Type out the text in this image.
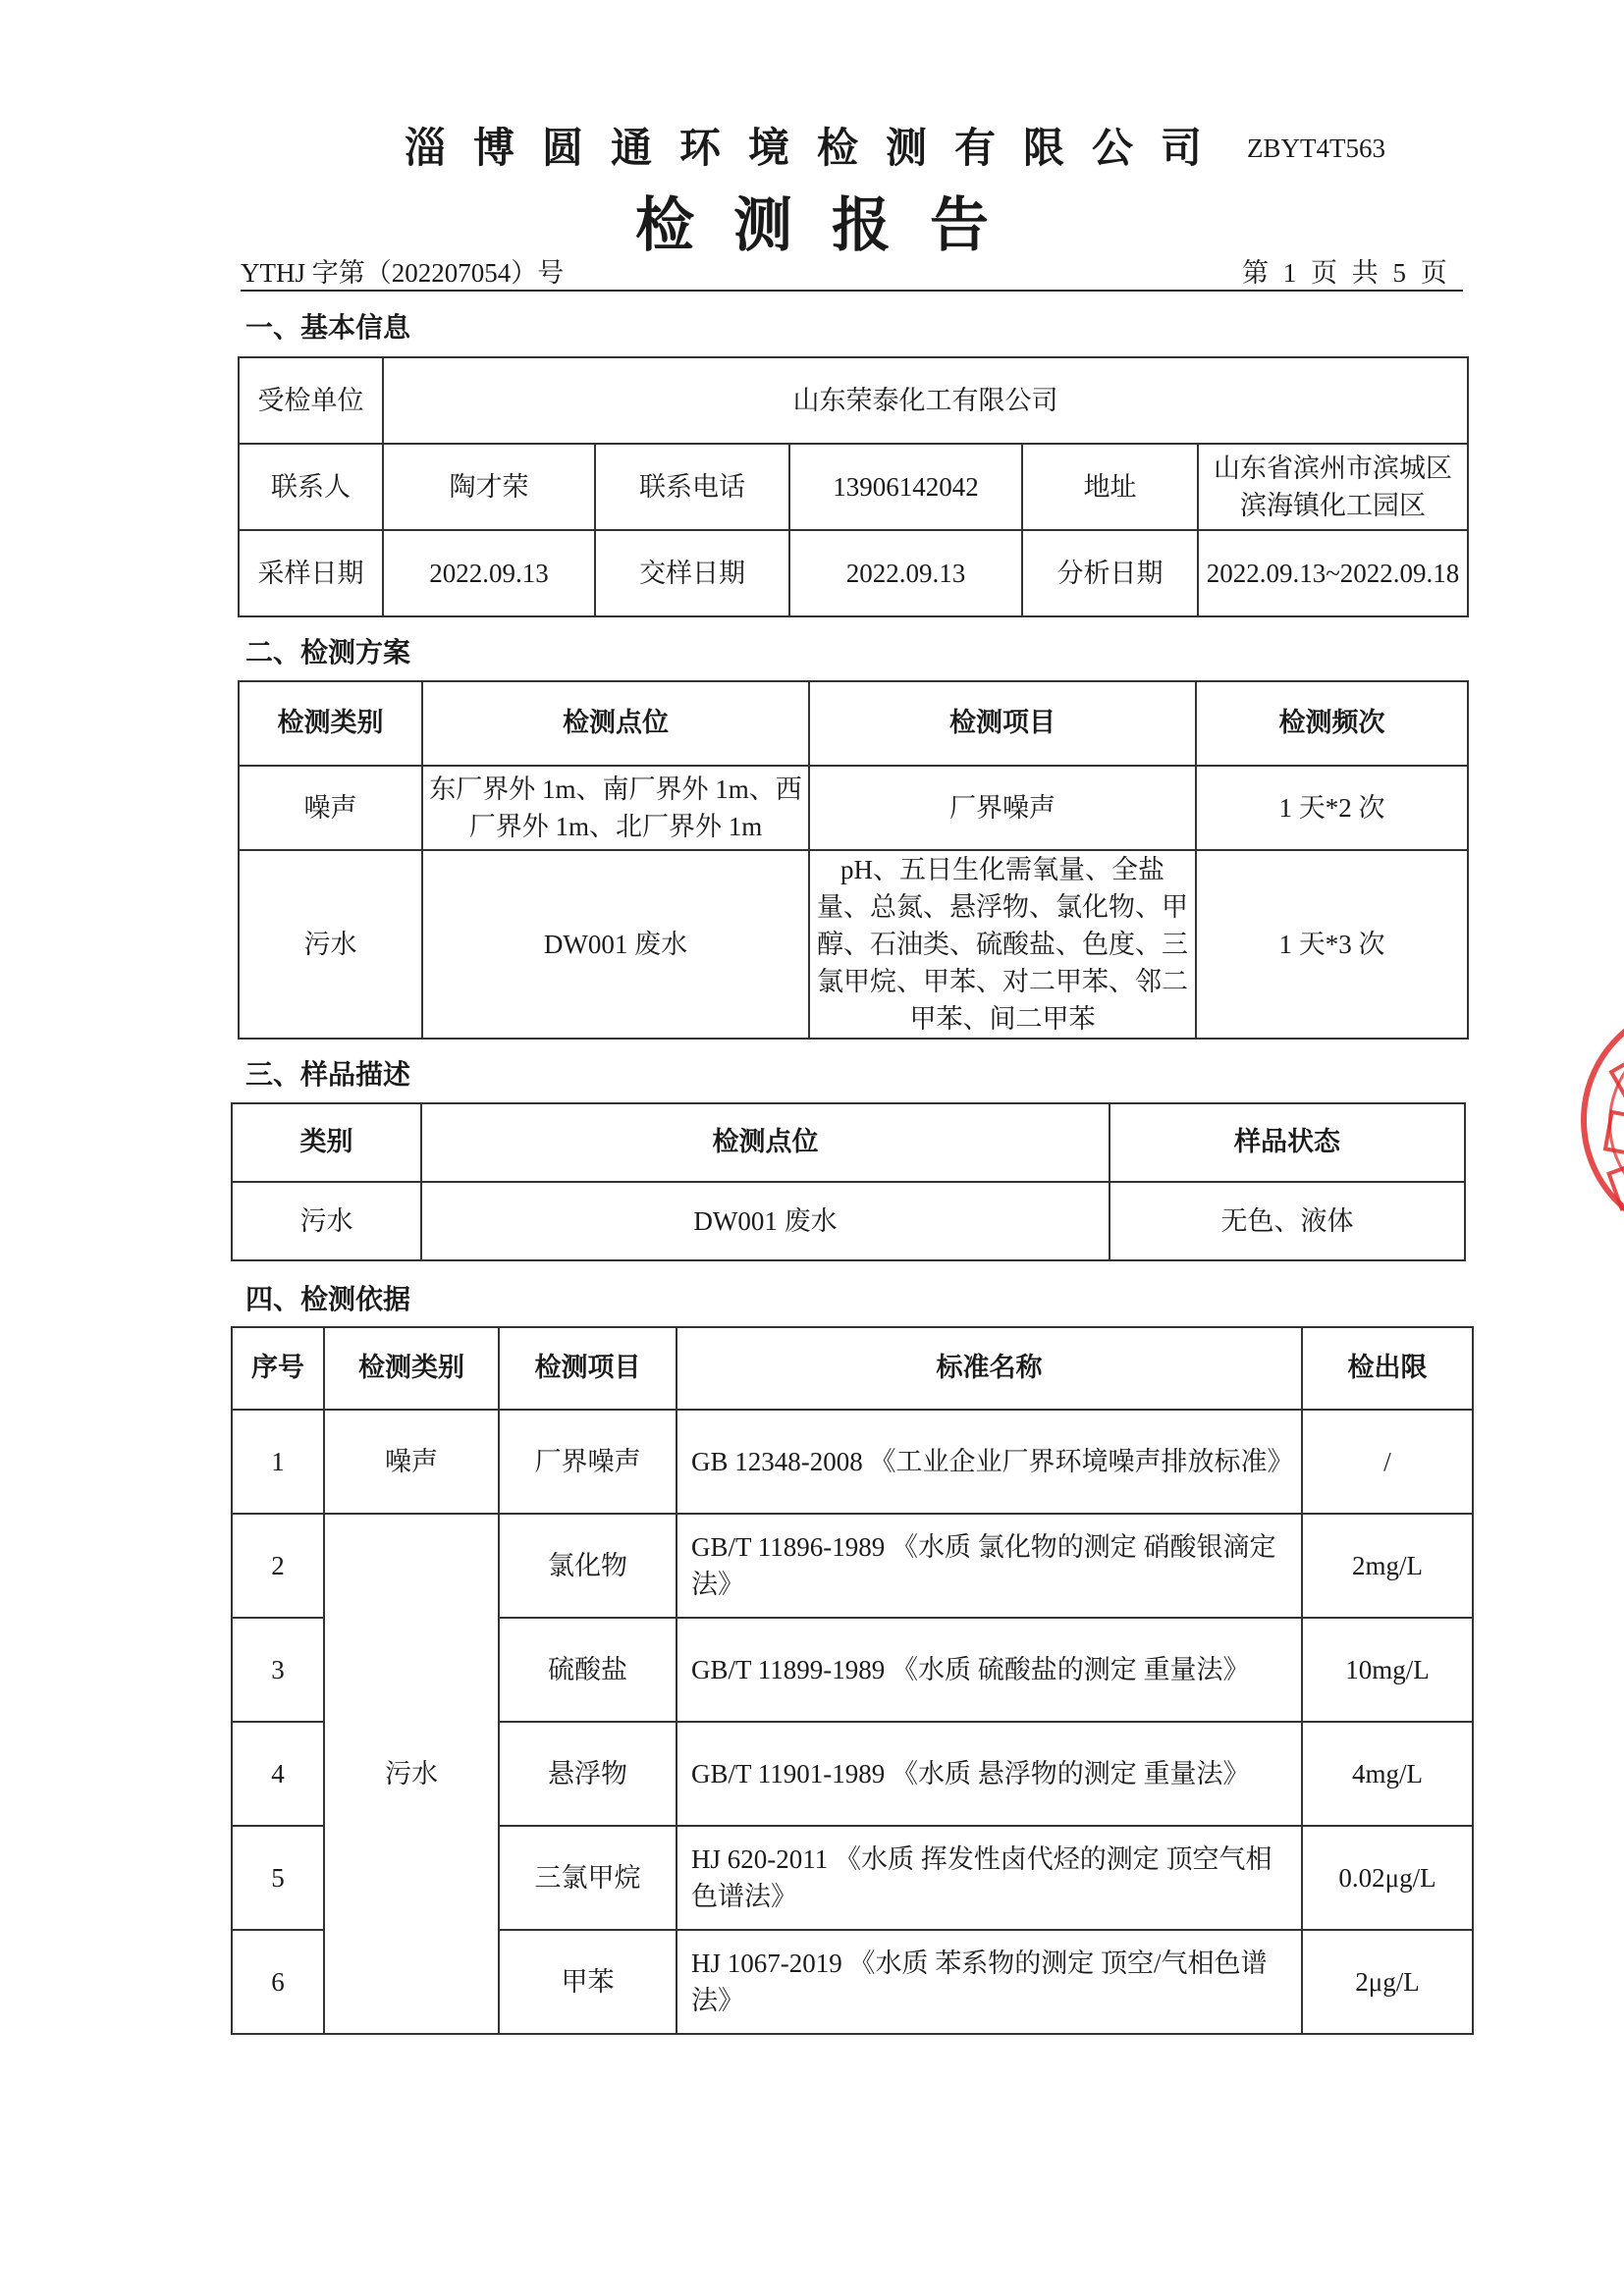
淄博圆通环境检测有限公司 ZBYT4T563
检测报告
YTHJ 字第（202207054）号	第 1 页 共 5 页
一、基本信息
受检单位	山东荣泰化工有限公司				
联系人	陶才荣	联系电话	13906142042	地址	山东省滨州市滨城区滨海镇化工园区
采样日期	2022.09.13	交样日期	2022.09.13	分析日期	2022.09.13~2022.09.18
二、检测方案
检测类别	检测点位	检测项目	检测频次
噪声	东厂界外 1m、南厂界外 1m、西厂界外 1m、北厂界外 1m	厂界噪声	1 天*2 次
污水	DW001 废水	pH、五日生化需氧量、全盐量、总氮、悬浮物、氯化物、甲醇、石油类、硫酸盐、色度、三氯甲烷、甲苯、对二甲苯、邻二甲苯、间二甲苯	1 天*3 次
三、样品描述
类别	检测点位	样品状态
污水	DW001 废水	无色、液体
四、检测依据
序号	检测类别	检测项目	标准名称	检出限
1	噪声	厂界噪声	GB 12348-2008 《工业企业厂界环境噪声排放标准》	/
2	污水	氯化物	GB/T 11896-1989 《水质 氯化物的测定 硝酸银滴定法》	2mg/L
3		硫酸盐	GB/T 11899-1989 《水质 硫酸盐的测定 重量法》	10mg/L
4		悬浮物	GB/T 11901-1989 《水质 悬浮物的测定 重量法》	4mg/L
5		三氯甲烷	HJ 620-2011 《水质 挥发性卤代烃的测定 顶空气相色谱法》	0.02μg/L
6		甲苯	HJ 1067-2019 《水质 苯系物的测定 顶空/气相色谱法》	2μg/L
